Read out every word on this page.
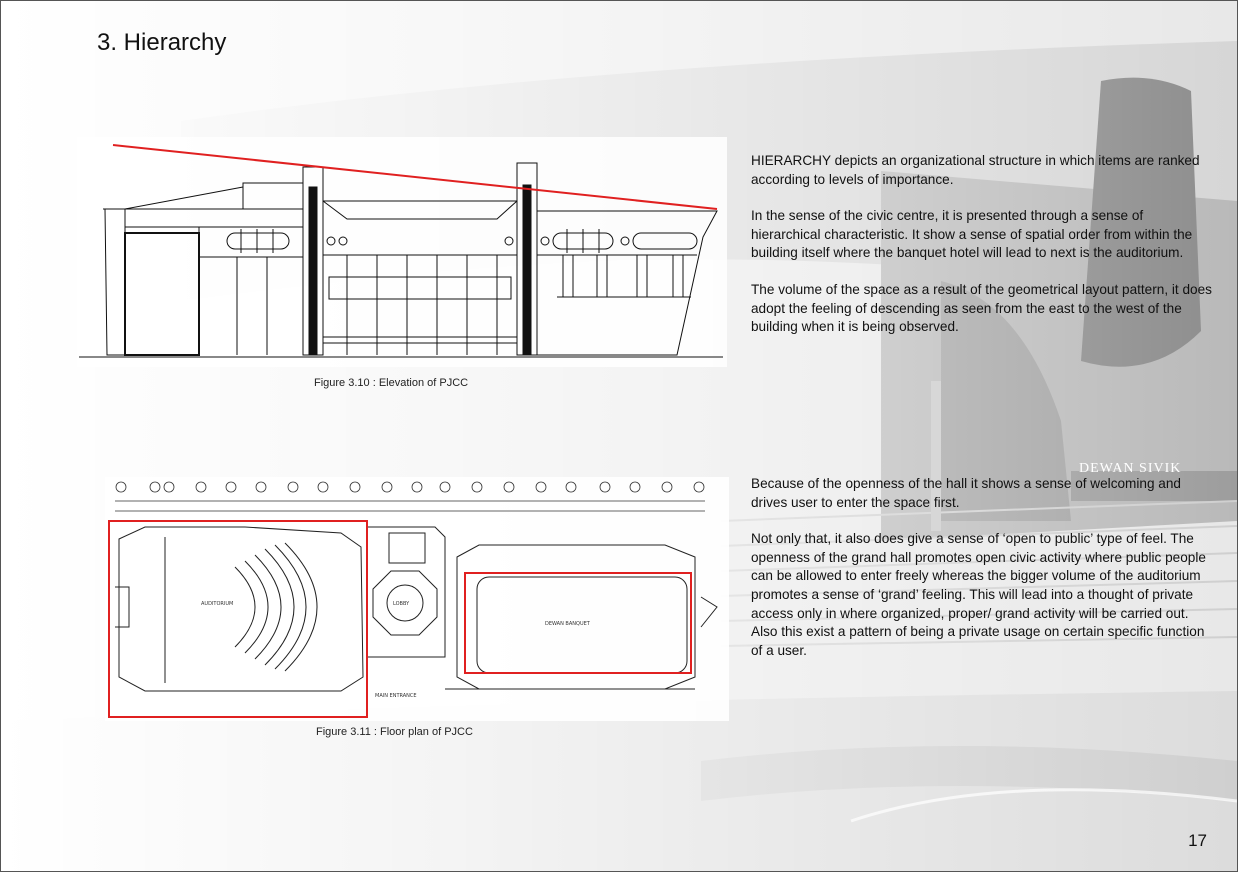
DEWAN SIVIK
3. Hierarchy
Figure 3.10 : Elevation of PJCC
AUDITORIUM	LOBBY
DEWAN BANQUET
MAIN ENTRANCE
Figure 3.11 : Floor plan of PJCC

HIERARCHY depicts an organizational structure in which items are ranked according to levels of importance.

In the sense of the civic centre, it is presented through a sense of hierarchical characteristic. It show a sense of spatial order from within the building itself where the banquet hotel will lead to next is the auditorium.

The volume of the space as a result of the geometrical layout pattern, it does adopt the feeling of descending as seen from the east to the west of the building when it is being observed.

Because of the openness of the hall it shows a sense of welcoming and drives user to enter the space first.

Not only that, it also does give a sense of ‘open to public’ type of feel. The openness of the grand hall promotes open civic activity where public people can be allowed to enter freely whereas the bigger volume of the auditorium promotes a sense of ‘grand’ feeling. This will lead into a thought of private access only in where organized, proper/ grand activity will be carried out. Also this exist a pattern of being a private usage on certain specific function of a user.

17
